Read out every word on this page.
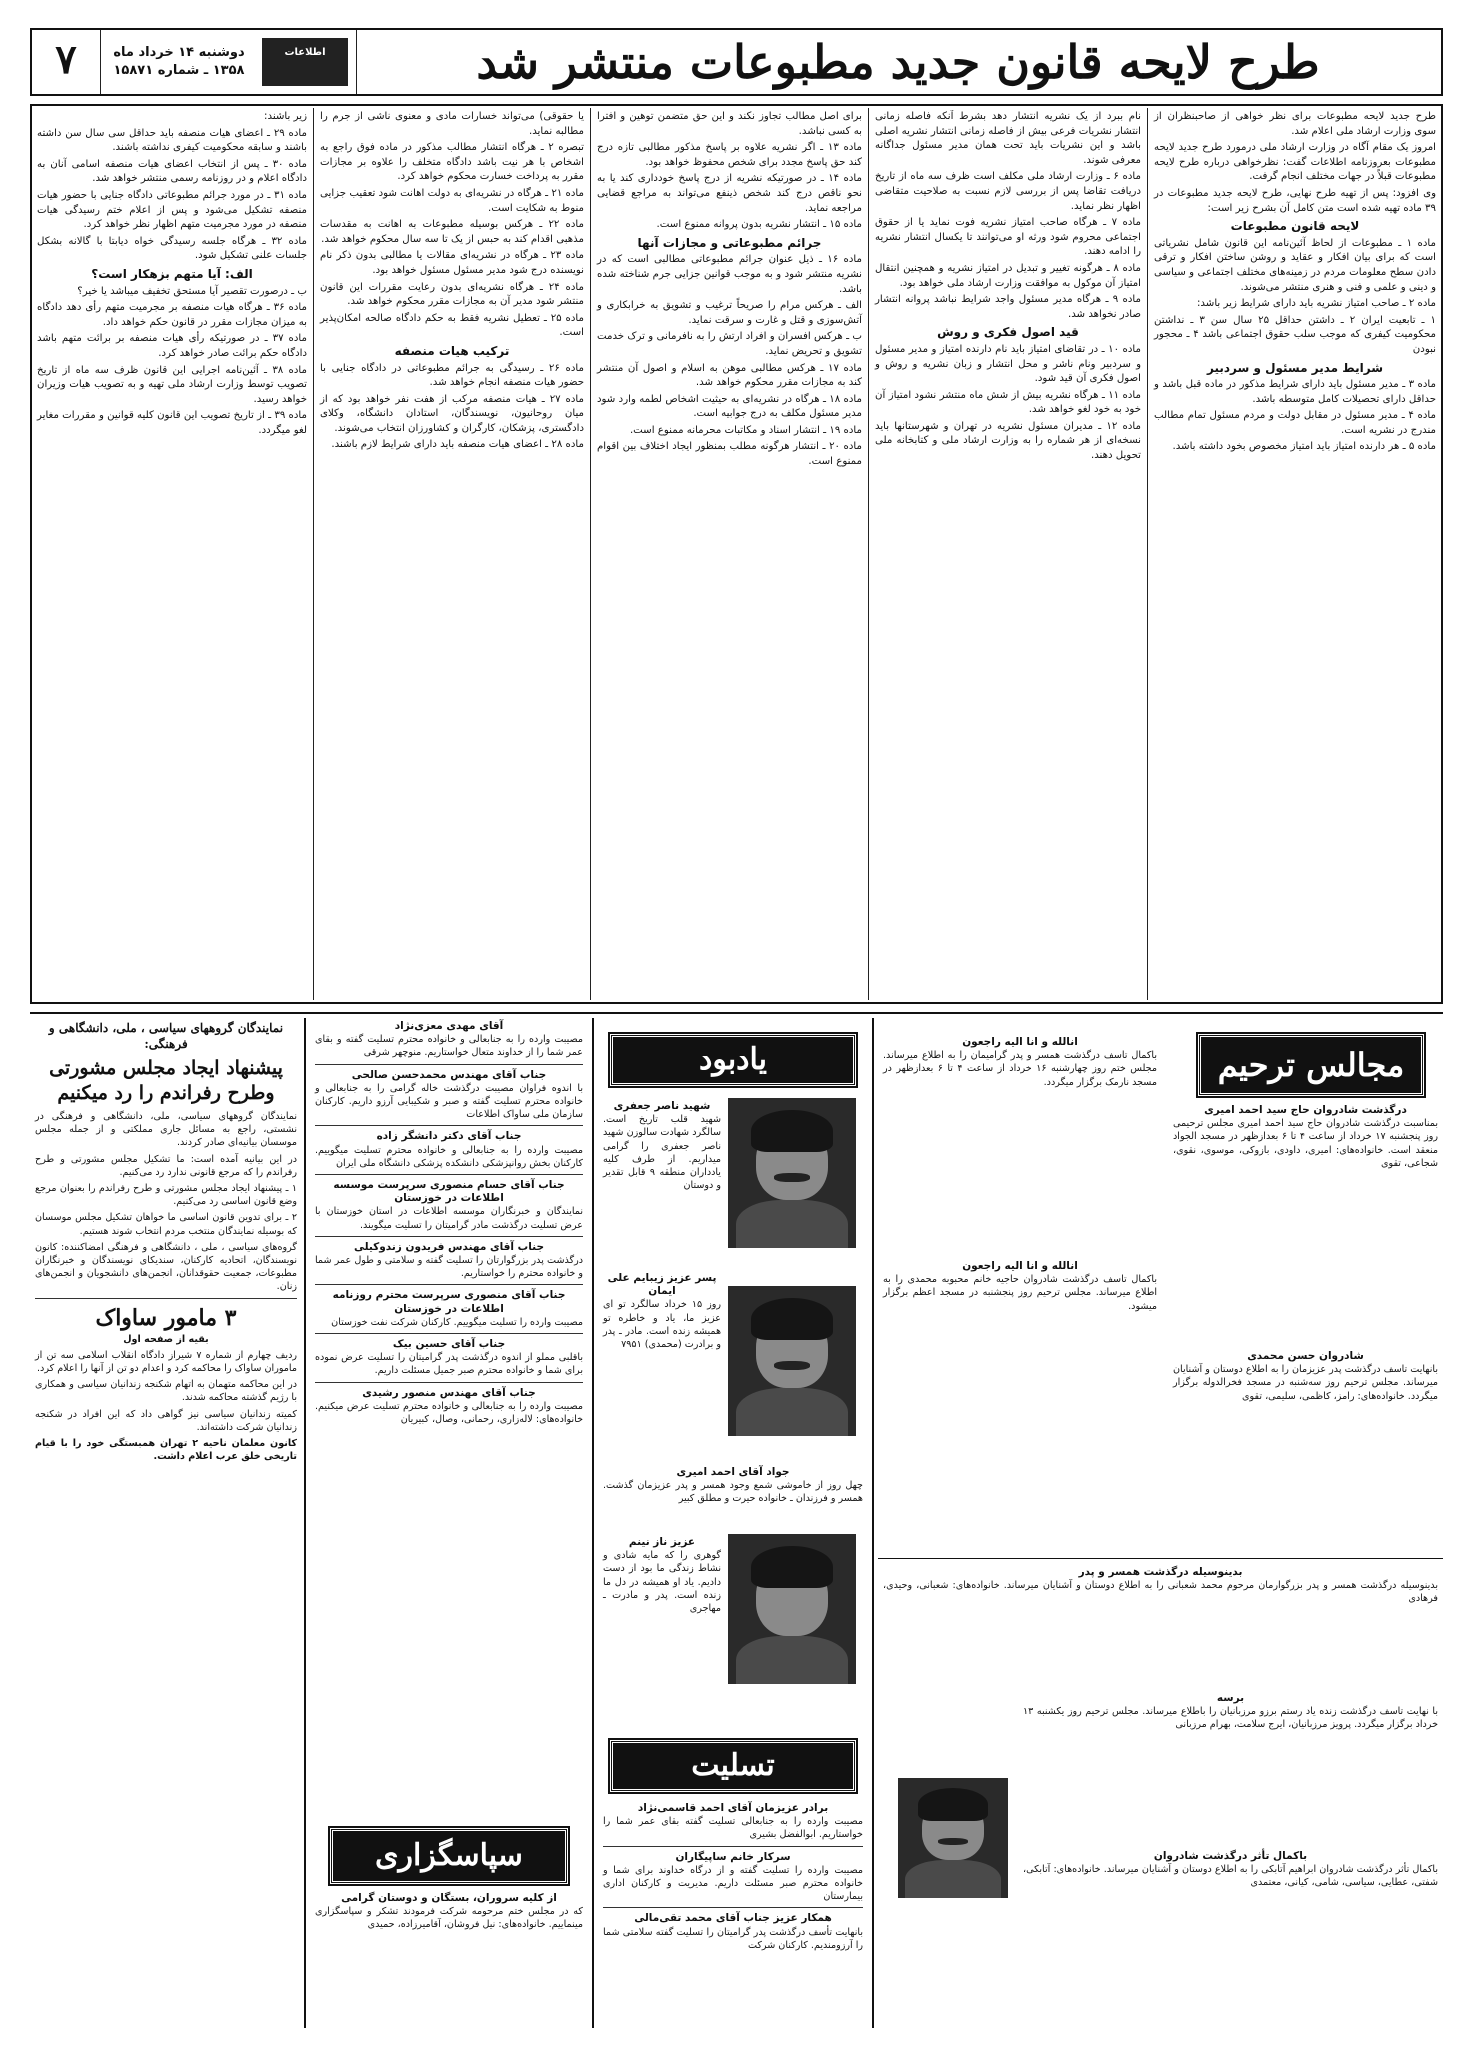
۷	دوشنبه ۱۴ خرداد ماه
۱۳۵۸ ـ شماره ۱۵۸۷۱
اطلاعات	طرح لایحه قانون جدید مطبوعات منتشر شد

طرح جدید لایحه مطبوعات برای نظر خواهی از صاحبنظران از سوی وزارت ارشاد ملی اعلام شد.

امروز یک مقام آگاه در وزارت ارشاد ملی درمورد طرح جدید لایحه مطبوعات بعروزنامه اطلاعات گفت: نظرخواهی درباره طرح لایحه مطبوعات قبلاً در جهات مختلف انجام گرفت.

وی افزود: پس از تهیه طرح نهایی، طرح لایحه جدید مطبوعات در ۳۹ ماده تهیه شده است متن کامل آن بشرح زیر است:

لایحه قانون مطبوعات

ماده ۱ ـ مطبوعات از لحاظ آئین‌نامه این قانون شامل نشریاتی است که برای بیان افکار و عقاید و روشن ساختن افکار و ترقی دادن سطح معلومات مردم در زمینه‌های مختلف اجتماعی و سیاسی و دینی و علمی و فنی و هنری منتشر می‌شوند.

ماده ۲ ـ صاحب امتیاز نشریه باید دارای شرایط زیر باشد:

۱ ـ تابعیت ایران ۲ ـ داشتن حداقل ۲۵ سال سن ۳ ـ نداشتن محکومیت کیفری که موجب سلب حقوق اجتماعی باشد ۴ ـ محجور نبودن

شرایط مدیر مسئول و سردبیر

ماده ۳ ـ مدیر مسئول باید دارای شرایط مذکور در ماده قبل باشد و حداقل دارای تحصیلات کامل متوسطه باشد.

ماده ۴ ـ مدیر مسئول در مقابل دولت و مردم مسئول تمام مطالب مندرج در نشریه است.

ماده ۵ ـ هر دارنده امتیاز باید امتیاز مخصوص بخود داشته باشد.

نام ببرد از یک نشریه انتشار دهد بشرط آنکه فاصله زمانی انتشار نشریات فرعی بیش از فاصله زمانی انتشار نشریه اصلی باشد و این نشریات باید تحت همان مدیر مسئول جداگانه معرفی شوند.

ماده ۶ ـ وزارت ارشاد ملی مکلف است ظرف سه ماه از تاریخ دریافت تقاضا پس از بررسی لازم نسبت به صلاحیت متقاضی اظهار نظر نماید.

ماده ۷ ـ هرگاه صاحب امتیاز نشریه فوت نماید یا از حقوق اجتماعی محروم شود ورثه او می‌توانند تا یکسال انتشار نشریه را ادامه دهند.

ماده ۸ ـ هرگونه تغییر و تبدیل در امتیاز نشریه و همچنین انتقال امتیاز آن موکول به موافقت وزارت ارشاد ملی خواهد بود.

ماده ۹ ـ هرگاه مدیر مسئول واجد شرایط نباشد پروانه انتشار صادر نخواهد شد.

قید اصول فکری و روش

ماده ۱۰ ـ در تقاضای امتیاز باید نام دارنده امتیاز و مدیر مسئول و سردبیر ونام ناشر و محل انتشار و زبان نشریه و روش و اصول فکری آن قید شود.

ماده ۱۱ ـ هرگاه نشریه بیش از شش ماه منتشر نشود امتیاز آن خود به خود لغو خواهد شد.

ماده ۱۲ ـ مدیران مسئول نشریه در تهران و شهرستانها باید نسخه‌ای از هر شماره را به وزارت ارشاد ملی و کتابخانه ملی تحویل دهند.

برای اصل مطالب تجاوز نکند و این حق متضمن توهین و افترا به کسی نباشد.

ماده ۱۳ ـ اگر نشریه علاوه بر پاسخ مذکور مطالبی تازه درج کند حق پاسخ مجدد برای شخص محفوظ خواهد بود.

ماده ۱۴ ـ در صورتیکه نشریه از درج پاسخ خودداری کند یا به نحو ناقص درج کند شخص ذینفع می‌تواند به مراجع قضایی مراجعه نماید.

ماده ۱۵ ـ انتشار نشریه بدون پروانه ممنوع است.

جرائم مطبوعاتی و مجازات آنها

ماده ۱۶ ـ ذیل عنوان جرائم مطبوعاتی مطالبی است که در نشریه منتشر شود و به موجب قوانین جزایی جرم شناخته شده باشد.

الف ـ هرکس مرام را صریحاً ترغیب و تشویق به خرابکاری و آتش‌سوزی و قتل و غارت و سرقت نماید.

ب ـ هرکس افسران و افراد ارتش را به نافرمانی و ترک خدمت تشویق و تحریض نماید.

ماده ۱۷ ـ هرکس مطالبی موهن به اسلام و اصول آن منتشر کند به مجازات مقرر محکوم خواهد شد.

ماده ۱۸ ـ هرگاه در نشریه‌ای به حیثیت اشخاص لطمه وارد شود مدیر مسئول مکلف به درج جوابیه است.

ماده ۱۹ ـ انتشار اسناد و مکاتبات محرمانه ممنوع است.

ماده ۲۰ ـ انتشار هرگونه مطلب بمنظور ایجاد اختلاف بین اقوام ممنوع است.

یا حقوقی) می‌تواند خسارات مادی و معنوی ناشی از جرم را مطالبه نماید.

تبصره ۲ ـ هرگاه انتشار مطالب مذکور در ماده فوق راجع به اشخاص با هر نیت باشد دادگاه متخلف را علاوه بر مجازات مقرر به پرداخت خسارت محکوم خواهد کرد.

ماده ۲۱ ـ هرگاه در نشریه‌ای به دولت اهانت شود تعقیب جزایی منوط به شکایت است.

ماده ۲۲ ـ هرکس بوسیله مطبوعات به اهانت به مقدسات مذهبی اقدام کند به حبس از یک تا سه سال محکوم خواهد شد.

ماده ۲۳ ـ هرگاه در نشریه‌ای مقالات یا مطالبی بدون ذکر نام نویسنده درج شود مدیر مسئول مسئول خواهد بود.

ماده ۲۴ ـ هرگاه نشریه‌ای بدون رعایت مقررات این قانون منتشر شود مدیر آن به مجازات مقرر محکوم خواهد شد.

ماده ۲۵ ـ تعطیل نشریه فقط به حکم دادگاه صالحه امکان‌پذیر است.

ترکیب هیات منصفه

ماده ۲۶ ـ رسیدگی به جرائم مطبوعاتی در دادگاه جنایی با حضور هیات منصفه انجام خواهد شد.

ماده ۲۷ ـ هیات منصفه مرکب از هفت نفر خواهد بود که از میان روحانیون، نویسندگان، استادان دانشگاه، وکلای دادگستری، پزشکان، کارگران و کشاورزان انتخاب می‌شوند.

ماده ۲۸ ـ اعضای هیات منصفه باید دارای شرایط لازم باشند.

زیر باشند:

ماده ۲۹ ـ اعضای هیات منصفه باید حداقل سی سال سن داشته باشند و سابقه محکومیت کیفری نداشته باشند.

ماده ۳۰ ـ پس از انتخاب اعضای هیات منصفه اسامی آنان به دادگاه اعلام و در روزنامه رسمی منتشر خواهد شد.

ماده ۳۱ ـ در مورد جرائم مطبوعاتی دادگاه جنایی با حضور هیات منصفه تشکیل می‌شود و پس از اعلام ختم رسیدگی هیات منصفه در مورد مجرمیت متهم اظهار نظر خواهد کرد.

ماده ۳۲ ـ هرگاه جلسه رسیدگی خواه دیابتا با گالانه بشکل جلسات علنی تشکیل شود.

الف: آیا متهم بزهکار است؟

ب ـ درصورت تقصیر آیا مستحق تخفیف میباشد یا خیر؟

ماده ۳۶ ـ هرگاه هیات منصفه بر مجرمیت متهم رأی دهد دادگاه به میزان مجازات مقرر در قانون حکم خواهد داد.

ماده ۳۷ ـ در صورتیکه رأی هیات منصفه بر برائت متهم باشد دادگاه حکم برائت صادر خواهد کرد.

ماده ۳۸ ـ آئین‌نامه اجرایی این قانون ظرف سه ماه از تاریخ تصویب توسط وزارت ارشاد ملی تهیه و به تصویب هیات وزیران خواهد رسید.

ماده ۳۹ ـ از تاریخ تصویب این قانون کلیه قوانین و مقررات مغایر لغو میگردد.

نمایندگان گروههای سیاسی ، ملی، دانشگاهی و فرهنگی:
پیشنهاد ایجاد مجلس مشورتی وطرح رفراندم را رد میکنیم

نمایندگان گروههای سیاسی، ملی، دانشگاهی و فرهنگی در نشستی، راجع به مسائل جاری مملکتی و از جمله مجلس موسسان بیانیه‌ای صادر کردند.

در این بیانیه آمده است: ما تشکیل مجلس مشورتی و طرح رفراندم را که مرجع قانونی ندارد رد می‌کنیم.

۱ ـ پیشنهاد ایجاد مجلس مشورتی و طرح رفراندم را بعنوان مرجع وضع قانون اساسی رد می‌کنیم.

۲ ـ برای تدوین قانون اساسی ما خواهان تشکیل مجلس موسسان که بوسیله نمایندگان منتخب مردم انتخاب شوند هستیم.

گروه‌های سیاسی ، ملی ، دانشگاهی و فرهنگی امضاکننده: کانون نویسندگان، اتحادیه کارکنان، سندیکای نویسندگان و خبرنگاران مطبوعات، جمعیت حقوقدانان، انجمن‌های دانشجویان و انجمن‌های زنان.

۳ مامور ساواک

بقیه از صفحه اول

ردیف چهارم از شماره ۷ شیراز دادگاه انقلاب اسلامی سه تن از ماموران ساواک را محاکمه کرد و اعدام دو تن از آنها را اعلام کرد.

در این محاکمه متهمان به اتهام شکنجه زندانیان سیاسی و همکاری با رژیم گذشته محاکمه شدند.

کمیته زندانیان سیاسی نیز گواهی داد که این افراد در شکنجه زندانیان شرکت داشته‌اند.

کانون معلمان ناحیه ۲ تهران همبستگی خود را با قیام تاریخی خلق عرب اعلام داشت.

آقای مهدی معزی‌نژاد
مصیبت وارده را به جنابعالی و خانواده محترم تسلیت گفته و بقای عمر شما را از خداوند متعال خواستاریم. منوچهر شرقی

جناب آقای مهندس محمدحسن صالحی
با اندوه فراوان مصیبت درگذشت خاله گرامی را به جنابعالی و خانواده محترم تسلیت گفته و صبر و شکیبایی آرزو داریم. کارکنان سازمان ملی ساواک اطلاعات

جناب آقای دکتر دانشگر زاده
مصیبت وارده را به جنابعالی و خانواده محترم تسلیت میگوییم. کارکنان بخش روانپزشکی دانشکده پزشکی دانشگاه ملی ایران

جناب آقای حسام منصوری سرپرست موسسه اطلاعات در خوزستان
نمایندگان و خبرنگاران موسسه اطلاعات در استان خوزستان با عرض تسلیت درگذشت مادر گرامیتان را تسلیت میگویند.

جناب آقای مهندس فریدون زندوکیلی
درگذشت پدر بزرگوارتان را تسلیت گفته و سلامتی و طول عمر شما و خانواده محترم را خواستاریم.

جناب آقای منصوری سرپرست محترم روزنامه اطلاعات در خوزستان
مصیبت وارده را تسلیت میگوییم. کارکنان شرکت نفت خوزستان

جناب آقای حسین بیک
باقلبی مملو از اندوه درگذشت پدر گرامیتان را تسلیت عرض نموده برای شما و خانواده محترم صبر جمیل مسئلت داریم.

جناب آقای مهندس منصور رشیدی
مصیبت وارده را به جنابعالی و خانواده محترم تسلیت عرض میکنیم. خانواده‌های: لاله‌زاری، رحمانی، وصال، کبیریان

سپاسگزاری
از کلیه سروران، بستگان و دوستان گرامی
که در مجلس ختم مرحومه شرکت فرمودند تشکر و سپاسگزاری مینماییم. خانواده‌های: نیل فروشان، آقامیرزاده، حمیدی
یادبود
شهید ناصر جعفری
شهید قلب تاریخ است. سالگرد شهادت سالوزن شهید ناصر جعفری را گرامی میداریم. از طرف کلیه یادداران منطقه ۹ قابل تقدیر و دوستان
پسر عزیز زیبایم علی ایمان
روز ۱۵ خرداد سالگرد تو ای عزیز ما، یاد و خاطره تو همیشه زنده است. مادر ـ پدر و برادرت (محمدی) ۷۹۵۱
جواد آقای احمد امیری
چهل روز از خاموشی شمع وجود همسر و پدر عزیزمان گذشت. همسر و فرزندان ـ خانواده حیرت و مطلق کبیر
عزیز ناز نینم
گوهری را که مایه شادی و نشاط زندگی ما بود از دست دادیم. یاد او همیشه در دل ما زنده است. پدر و مادرت ـ مهاجری
تسلیت

برادر عزیزمان آقای احمد قاسمی‌نژاد
مصیبت وارده را به جنابعالی تسلیت گفته بقای عمر شما را خواستاریم. ابوالفضل بشیری

سرکار خانم ساپیگاران
مصیبت وارده را تسلیت گفته و از درگاه خداوند برای شما و خانواده محترم صبر مسئلت داریم. مدیریت و کارکنان اداری بیمارستان

همکار عزیز جناب آقای محمد تقی‌مالی
بانهایت تأسف درگذشت پدر گرامیتان را تسلیت گفته سلامتی شما را آرزومندیم. کارکنان شرکت

مجالس ترحیم
درگذشت شادروان حاج سید احمد امیری
بمناسبت درگذشت شادروان حاج سید احمد امیری مجلس ترحیمی روز پنجشنبه ۱۷ خرداد از ساعت ۴ تا ۶ بعدازظهر در مسجد الجواد منعقد است. خانواده‌های: امیری، داودی، بازوکی، موسوی، نقوی، شجاعی، تقوی
شادروان حسن محمدی
بانهایت تاسف درگذشت پدر عزیزمان را به اطلاع دوستان و آشنایان میرساند. مجلس ترحیم روز سه‌شنبه در مسجد فخرالدوله برگزار میگردد. خانواده‌های: رامز، کاظمی، سلیمی، تقوی
انالله و انا الیه راجعون
باکمال تاسف درگذشت همسر و پدر گرامیمان را به اطلاع میرساند. مجلس ختم روز چهارشنبه ۱۶ خرداد از ساعت ۴ تا ۶ بعدازظهر در مسجد نارمک برگزار میگردد.
انالله و انا الیه راجعون
باکمال تاسف درگذشت شادروان حاجیه خانم محبوبه محمدی را به اطلاع میرساند. مجلس ترحیم روز پنجشنبه در مسجد اعظم برگزار میشود.
بدینوسیله درگذشت همسر و پدر
بدینوسیله درگذشت همسر و پدر بزرگوارمان مرحوم محمد شعبانی را به اطلاع دوستان و آشنایان میرساند. خانواده‌های: شعبانی، وحیدی، فرهادی
برسه
با نهایت تاسف درگذشت زنده یاد رستم برزو مرزبانیان را باطلاع میرساند. مجلس ترحیم روز یکشنبه ۱۳ خرداد برگزار میگردد. پرویز مرزبانیان، ایرج سلامت، بهرام مرزبانی
باکمال تأثر درگذشت شادروان
باکمال تأثر درگذشت شادروان ابراهیم آتابکی را به اطلاع دوستان و آشنایان میرساند. خانواده‌های: آتابکی، شفتی، عطایی، سیاسی، شامی، کیانی، معتمدی
